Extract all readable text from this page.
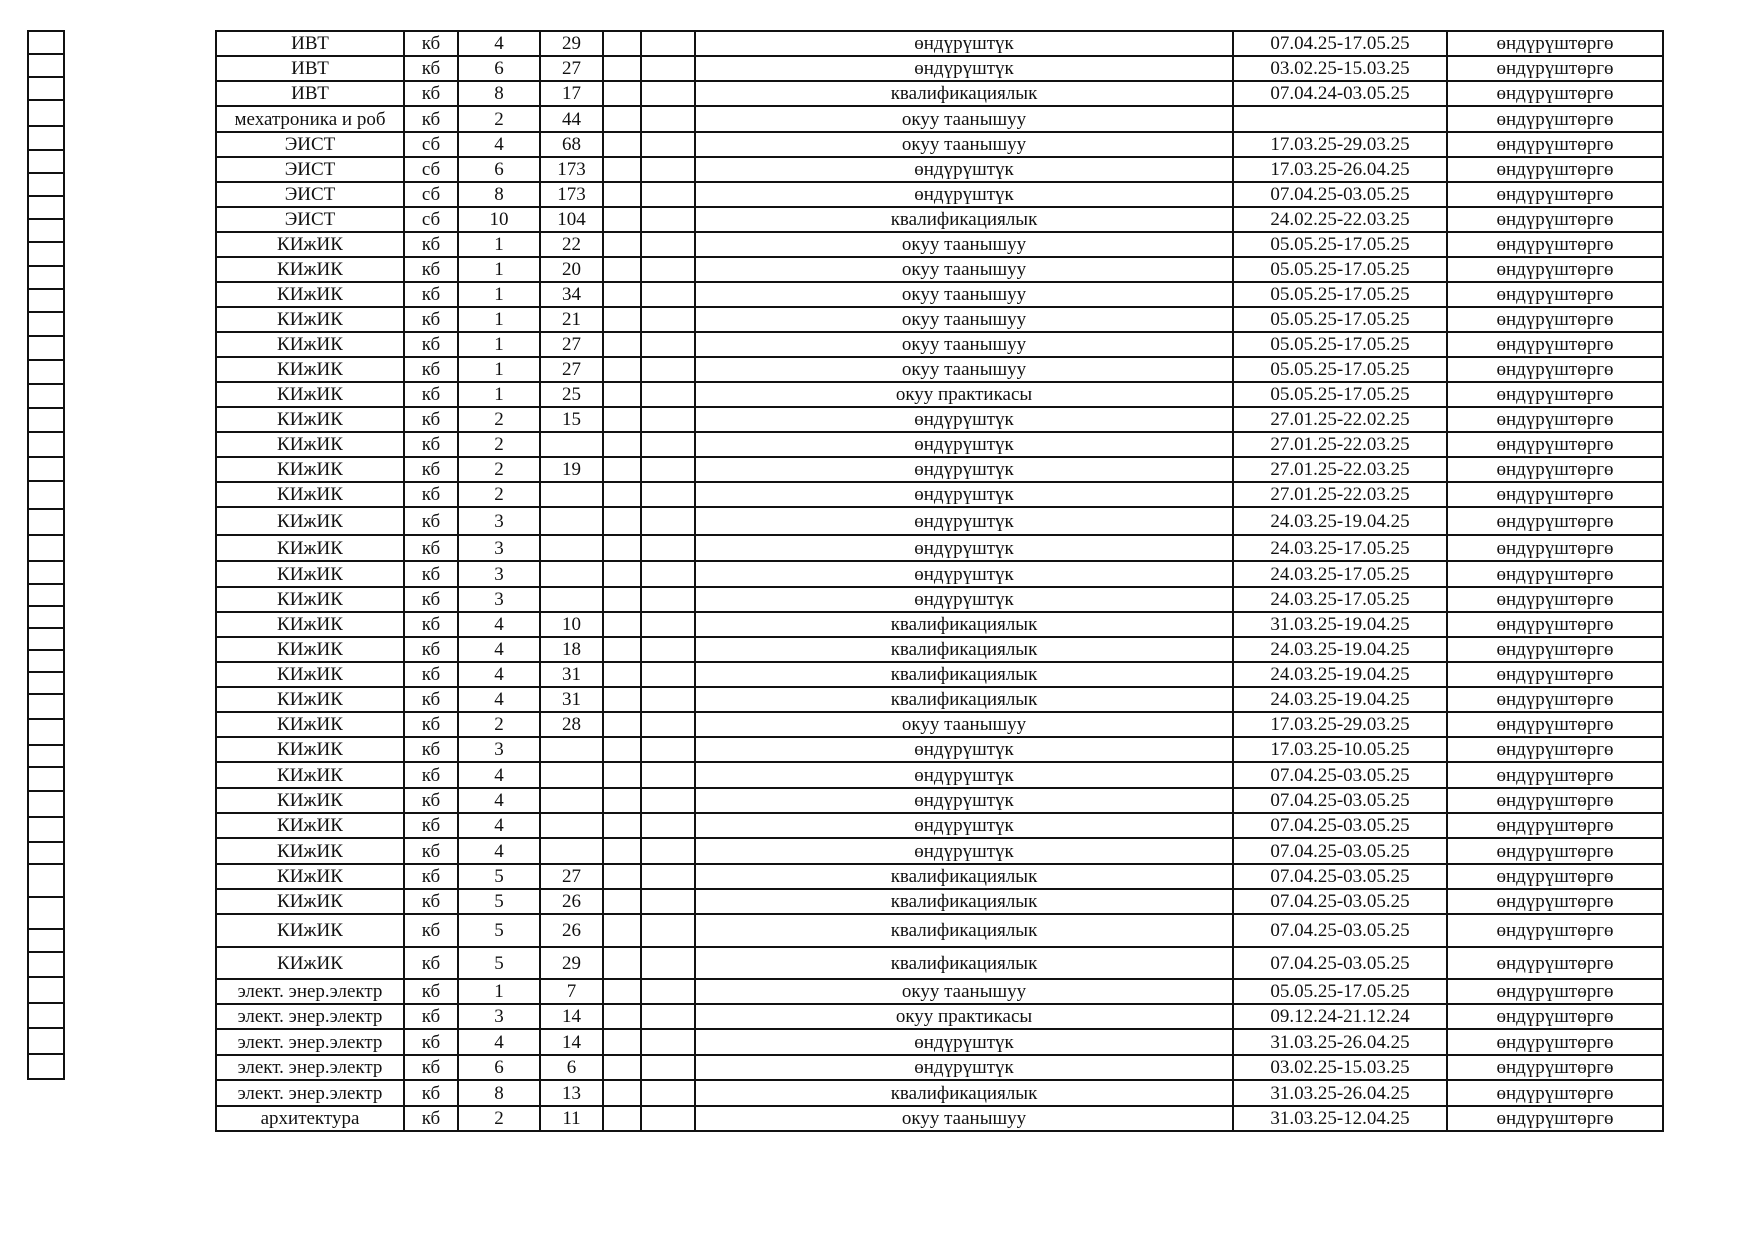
ИВТ	кб	4	29			өндүрүштүк	07.04.25-17.05.25	өндүрүштөргө
ИВТ	кб	6	27			өндүрүштүк	03.02.25-15.03.25	өндүрүштөргө
ИВТ	кб	8	17			квалификациялык	07.04.24-03.05.25	өндүрүштөргө
мехатроника и роб	кб	2	44			окуу таанышуу		өндүрүштөргө
ЭИСТ	сб	4	68			окуу таанышуу	17.03.25-29.03.25	өндүрүштөргө
ЭИСТ	сб	6	173			өндүрүштүк	17.03.25-26.04.25	өндүрүштөргө
ЭИСТ	сб	8	173			өндүрүштүк	07.04.25-03.05.25	өндүрүштөргө
ЭИСТ	сб	10	104			квалификациялык	24.02.25-22.03.25	өндүрүштөргө
КИжИК	кб	1	22			окуу таанышуу	05.05.25-17.05.25	өндүрүштөргө
КИжИК	кб	1	20			окуу таанышуу	05.05.25-17.05.25	өндүрүштөргө
КИжИК	кб	1	34			окуу таанышуу	05.05.25-17.05.25	өндүрүштөргө
КИжИК	кб	1	21			окуу таанышуу	05.05.25-17.05.25	өндүрүштөргө
КИжИК	кб	1	27			окуу таанышуу	05.05.25-17.05.25	өндүрүштөргө
КИжИК	кб	1	27			окуу таанышуу	05.05.25-17.05.25	өндүрүштөргө
КИжИК	кб	1	25			окуу практикасы	05.05.25-17.05.25	өндүрүштөргө
КИжИК	кб	2	15			өндүрүштүк	27.01.25-22.02.25	өндүрүштөргө
КИжИК	кб	2				өндүрүштүк	27.01.25-22.03.25	өндүрүштөргө
КИжИК	кб	2	19			өндүрүштүк	27.01.25-22.03.25	өндүрүштөргө
КИжИК	кб	2				өндүрүштүк	27.01.25-22.03.25	өндүрүштөргө
КИжИК	кб	3				өндүрүштүк	24.03.25-19.04.25	өндүрүштөргө
КИжИК	кб	3				өндүрүштүк	24.03.25-17.05.25	өндүрүштөргө
КИжИК	кб	3				өндүрүштүк	24.03.25-17.05.25	өндүрүштөргө
КИжИК	кб	3				өндүрүштүк	24.03.25-17.05.25	өндүрүштөргө
КИжИК	кб	4	10			квалификациялык	31.03.25-19.04.25	өндүрүштөргө
КИжИК	кб	4	18			квалификациялык	24.03.25-19.04.25	өндүрүштөргө
КИжИК	кб	4	31			квалификациялык	24.03.25-19.04.25	өндүрүштөргө
КИжИК	кб	4	31			квалификациялык	24.03.25-19.04.25	өндүрүштөргө
КИжИК	кб	2	28			окуу таанышуу	17.03.25-29.03.25	өндүрүштөргө
КИжИК	кб	3				өндүрүштүк	17.03.25-10.05.25	өндүрүштөргө
КИжИК	кб	4				өндүрүштүк	07.04.25-03.05.25	өндүрүштөргө
КИжИК	кб	4				өндүрүштүк	07.04.25-03.05.25	өндүрүштөргө
КИжИК	кб	4				өндүрүштүк	07.04.25-03.05.25	өндүрүштөргө
КИжИК	кб	4				өндүрүштүк	07.04.25-03.05.25	өндүрүштөргө
КИжИК	кб	5	27			квалификациялык	07.04.25-03.05.25	өндүрүштөргө
КИжИК	кб	5	26			квалификациялык	07.04.25-03.05.25	өндүрүштөргө
КИжИК	кб	5	26			квалификациялык	07.04.25-03.05.25	өндүрүштөргө
КИжИК	кб	5	29			квалификациялык	07.04.25-03.05.25	өндүрүштөргө
элект. энер.электр	кб	1	7			окуу таанышуу	05.05.25-17.05.25	өндүрүштөргө
элект. энер.электр	кб	3	14			окуу практикасы	09.12.24-21.12.24	өндүрүштөргө
элект. энер.электр	кб	4	14			өндүрүштүк	31.03.25-26.04.25	өндүрүштөргө
элект. энер.электр	кб	6	6			өндүрүштүк	03.02.25-15.03.25	өндүрүштөргө
элект. энер.электр	кб	8	13			квалификациялык	31.03.25-26.04.25	өндүрүштөргө
архитектура	кб	2	11			окуу таанышуу	31.03.25-12.04.25	өндүрүштөргө
